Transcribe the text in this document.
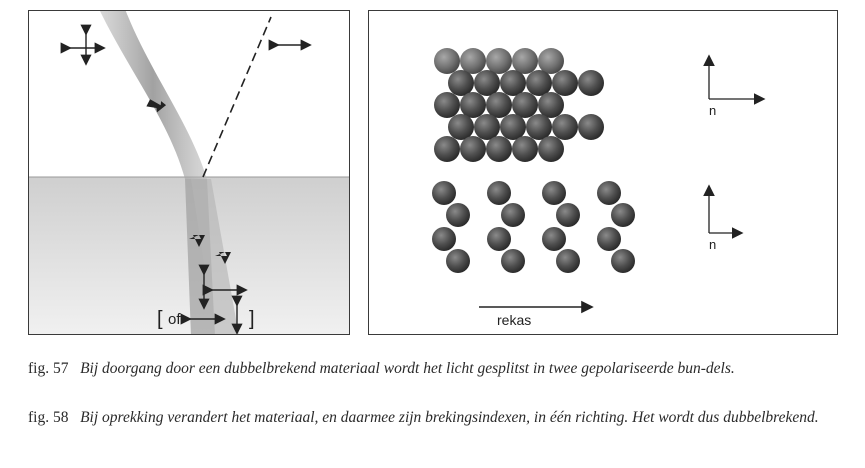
[ of	]
n
n
rekas
fig. 57 Bij doorgang door een dubbelbrekend materiaal wordt het licht gesplitst in twee gepolariseerde bun-dels.
fig. 58 Bij oprekking verandert het materiaal, en daarmee zijn brekingsindexen, in één richting. Het wordt dus dubbelbrekend.
